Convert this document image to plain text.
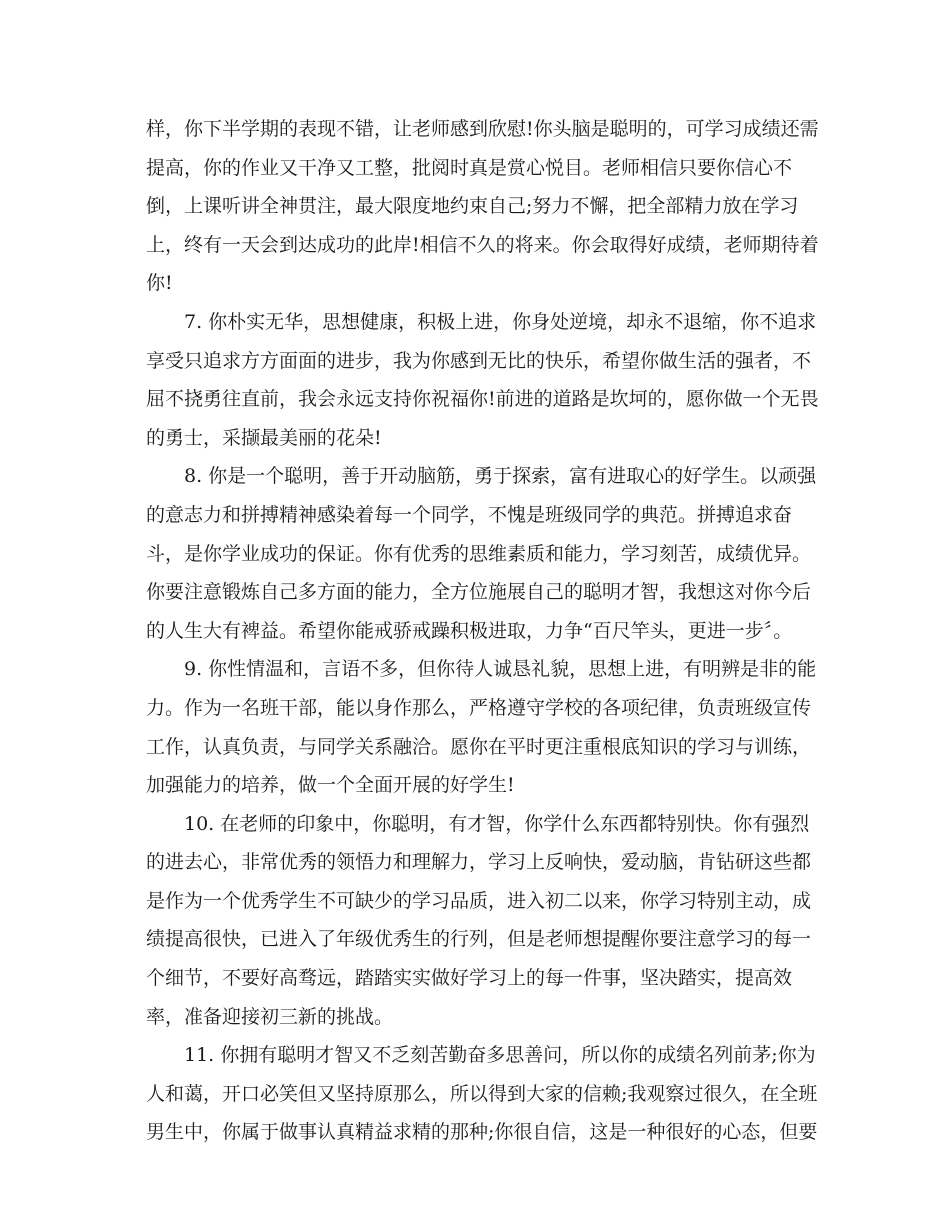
样，你下半学期的表现不错，让老师感到欣慰!你头脑是聪明的，可学习成绩还需
提高，你的作业又干净又工整，批阅时真是赏心悦目。老师相信只要你信心不
倒，上课听讲全神贯注，最大限度地约束自己;努力不懈，把全部精力放在学习
上，终有一天会到达成功的此岸!相信不久的将来。你会取得好成绩，老师期待着
你!
7. 你朴实无华，思想健康，积极上进，你身处逆境，却永不退缩，你不追求
享受只追求方方面面的进步，我为你感到无比的快乐，希望你做生活的强者，不
屈不挠勇往直前，我会永远支持你祝福你!前进的道路是坎坷的，愿你做一个无畏
的勇士，采撷最美丽的花朵!
8. 你是一个聪明，善于开动脑筋，勇于探索，富有进取心的好学生。以顽强
的意志力和拼搏精神感染着每一个同学，不愧是班级同学的典范。拼搏追求奋
斗，是你学业成功的保证。你有优秀的思维素质和能力，学习刻苦，成绩优异。
你要注意锻炼自己多方面的能力，全方位施展自己的聪明才智，我想这对你今后
的人生大有裨益。希望你能戒骄戒躁积极进取，力争“百尺竿头，更进一步〞。
9. 你性情温和，言语不多，但你待人诚恳礼貌，思想上进，有明辨是非的能
力。作为一名班干部，能以身作那么，严格遵守学校的各项纪律，负责班级宣传
工作，认真负责，与同学关系融洽。愿你在平时更注重根底知识的学习与训练，
加强能力的培养，做一个全面开展的好学生!
10. 在老师的印象中，你聪明，有才智，你学什么东西都特别快。你有强烈
的进去心，非常优秀的领悟力和理解力，学习上反响快，爱动脑，肯钻研这些都
是作为一个优秀学生不可缺少的学习品质，进入初二以来，你学习特别主动，成
绩提高很快，已进入了年级优秀生的行列，但是老师想提醒你要注意学习的每一
个细节，不要好高骛远，踏踏实实做好学习上的每一件事，坚决踏实，提高效
率，准备迎接初三新的挑战。
11. 你拥有聪明才智又不乏刻苦勤奋多思善问，所以你的成绩名列前茅;你为
人和蔼，开口必笑但又坚持原那么，所以得到大家的信赖;我观察过很久，在全班
男生中，你属于做事认真精益求精的那种;你很自信，这是一种很好的心态，但要
